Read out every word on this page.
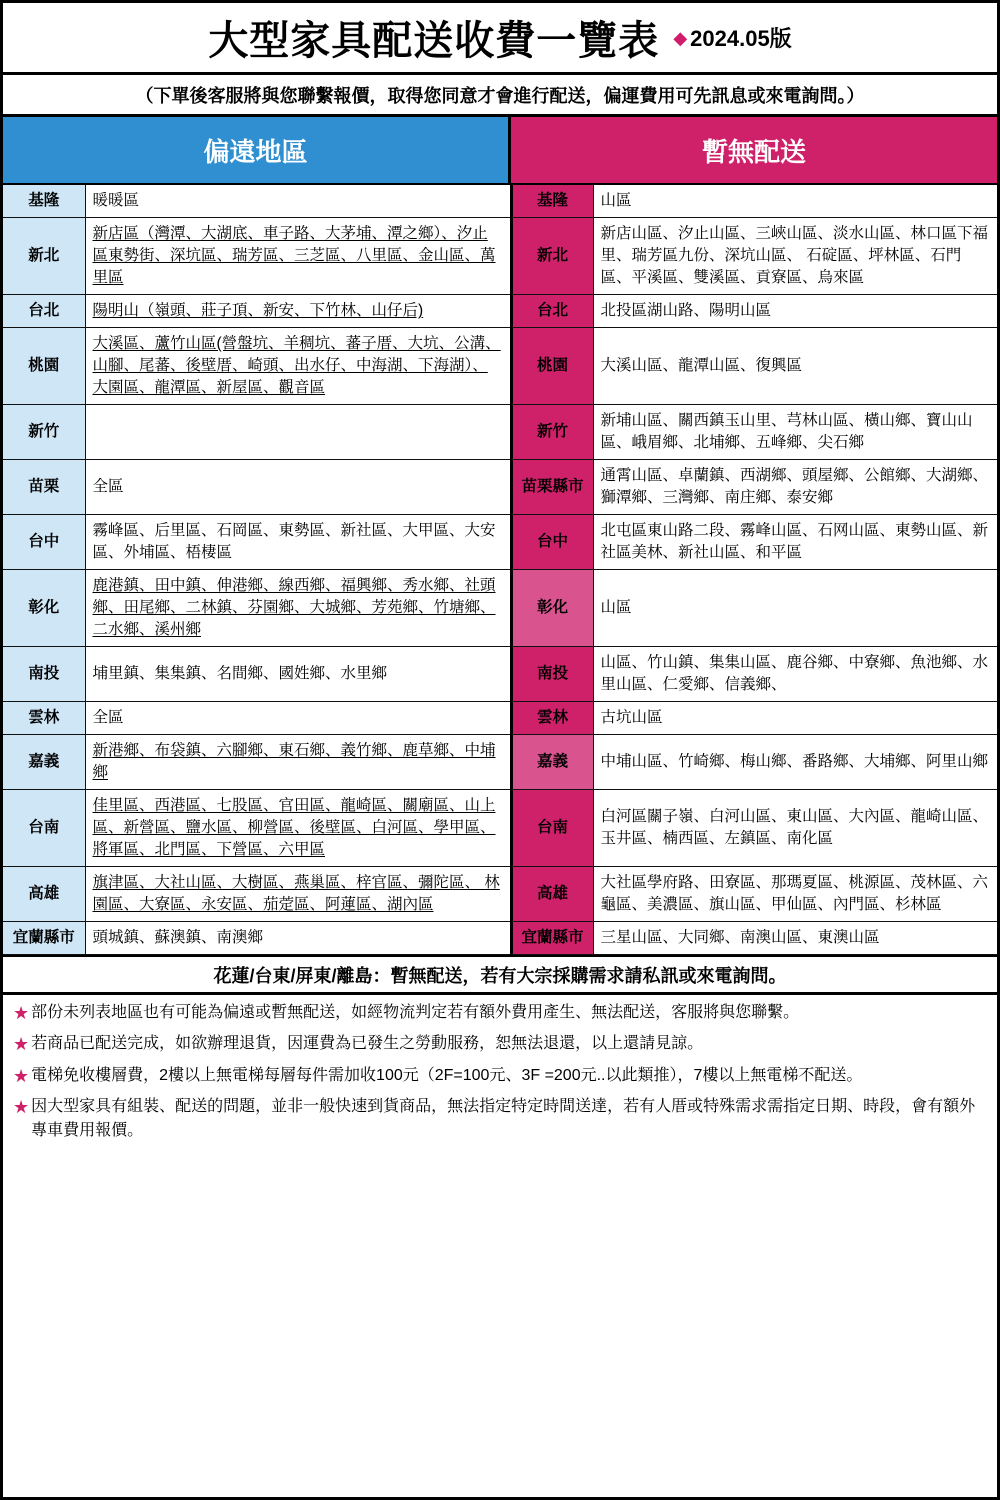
大型家具配送收費一覽表 ◆ 2024.05版
（下單後客服將與您聯繫報價，取得您同意才會進行配送，偏運費用可先訊息或來電詢問。）
偏遠地區	暫無配送
基隆	暖暖區	基隆	山區
新北	新店區（灣潭、大湖底、車子路、大茅埔、潭之鄉）、汐止區東勢街、深坑區、瑞芳區、三芝區、八里區、金山區、萬里區	新北	新店山區、汐止山區、三峽山區、淡水山區、林口區下福里、瑞芳區九份、深坑山區、 石碇區、坪林區、石門區、平溪區、雙溪區、貢寮區、烏來區
台北	陽明山（嶺頭、莊子頂、新安、下竹林、山仔后)	台北	北投區湖山路、陽明山區
桃園	大溪區、蘆竹山區(營盤坑、羊稠坑、蕃子厝、大坑、公溝、山腳、尾蕃、後壁厝、崎頭、出水仔、中海湖、下海湖）、大園區、龍潭區、新屋區、觀音區	桃園	大溪山區、龍潭山區、復興區
新竹		新竹	新埔山區、關西鎮玉山里、芎林山區、橫山鄉、寶山山區、峨眉鄉、北埔鄉、五峰鄉、尖石鄉
苗栗	全區	苗栗縣市	通霄山區、卓蘭鎮、西湖鄉、頭屋鄉、公館鄉、大湖鄉、獅潭鄉、三灣鄉、南庄鄉、泰安鄉
台中	霧峰區、后里區、石岡區、東勢區、新社區、大甲區、大安區、外埔區、梧棲區	台中	北屯區東山路二段、霧峰山區、石网山區、東勢山區、新社區美林、新社山區、和平區
彰化	鹿港鎮、田中鎮、伸港鄉、線西鄉、福興鄉、秀水鄉、社頭鄉、田尾鄉、二林鎮、芬園鄉、大城鄉、芳苑鄉、竹塘鄉、二水鄉、溪州鄉	彰化	山區
南投	埔里鎮、集集鎮、名間鄉、國姓鄉、水里鄉	南投	山區、竹山鎮、集集山區、鹿谷鄉、中寮鄉、魚池鄉、水里山區、仁愛鄉、信義鄉、
雲林	全區	雲林	古坑山區
嘉義	新港鄉、布袋鎮、六腳鄉、東石鄉、義竹鄉、鹿草鄉、中埔鄉	嘉義	中埔山區、竹崎鄉、梅山鄉、番路鄉、大埔鄉、阿里山鄉
台南	佳里區、西港區、七股區、官田區、龍崎區、關廟區、山上區、新營區、鹽水區、柳營區、後壁區、白河區、學甲區、將軍區、北門區、下營區、六甲區	台南	白河區關子嶺、白河山區、東山區、大內區、龍崎山區、玉井區、楠西區、左鎮區、南化區
高雄	旗津區、大社山區、大樹區、燕巢區、梓官區、彌陀區、 林園區、大寮區、永安區、茄萣區、阿蓮區、湖內區	高雄	大社區學府路、田寮區、那瑪夏區、桃源區、茂林區、六龜區、美濃區、旗山區、甲仙區、內門區、杉林區
宜蘭縣市	頭城鎮、蘇澳鎮、南澳鄉	宜蘭縣市	三星山區、大同鄉、南澳山區、東澳山區
花蓮/台東/屏東/離島：暫無配送，若有大宗採購需求請私訊或來電詢問。
★ 部份未列表地區也有可能為偏遠或暫無配送，如經物流判定若有額外費用產生、無法配送，客服將與您聯繫。
★ 若商品已配送完成，如欲辦理退貨，因運費為已發生之勞動服務，恕無法退還，以上還請見諒。
★ 電梯免收樓層費，2樓以上無電梯每層每件需加收100元（2F=100元、3F =200元..以此類推），7樓以上無電梯不配送。
★ 因大型家具有組裝、配送的問題，並非一般快速到貨商品，無法指定特定時間送達，若有人厝或特殊需求需指定日期、時段，會有額外專車費用報價。
